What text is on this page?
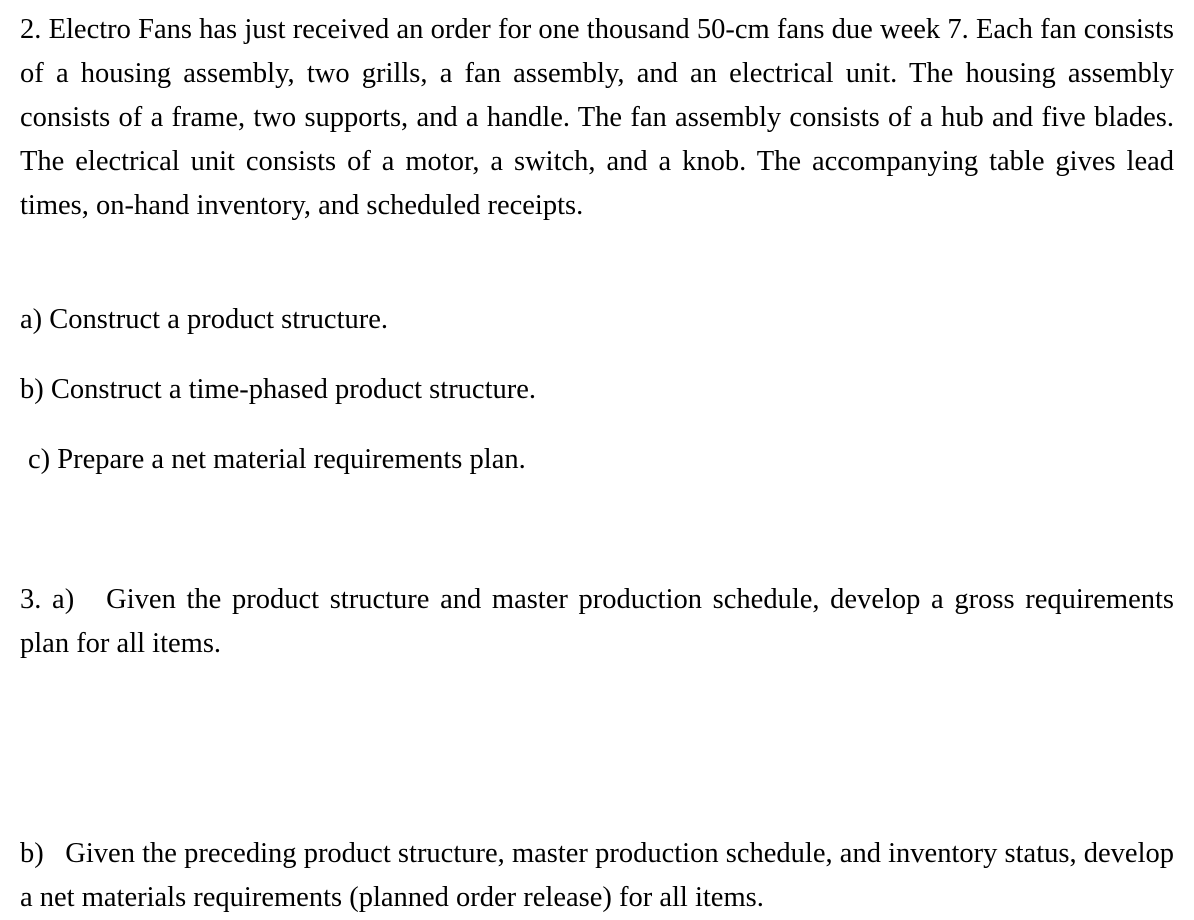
2. Electro Fans has just received an order for one thousand 50-cm fans due week 7. Each fan consists of a housing assembly, two grills, a fan assembly, and an electrical unit. The housing assembly consists of a frame, two supports, and a handle. The fan assembly consists of a hub and five blades. The electrical unit consists of a motor, a switch, and a knob. The accompanying table gives lead times, on-hand inventory, and scheduled receipts.

a) Construct a product structure.

b) Construct a time-phased product structure.

c) Prepare a net material requirements plan.

3. a)   Given the product structure and master production schedule, develop a gross requirements plan for all items.

b)   Given the preceding product structure, master production schedule, and inventory status, develop a net materials requirements (planned order release) for all items.
